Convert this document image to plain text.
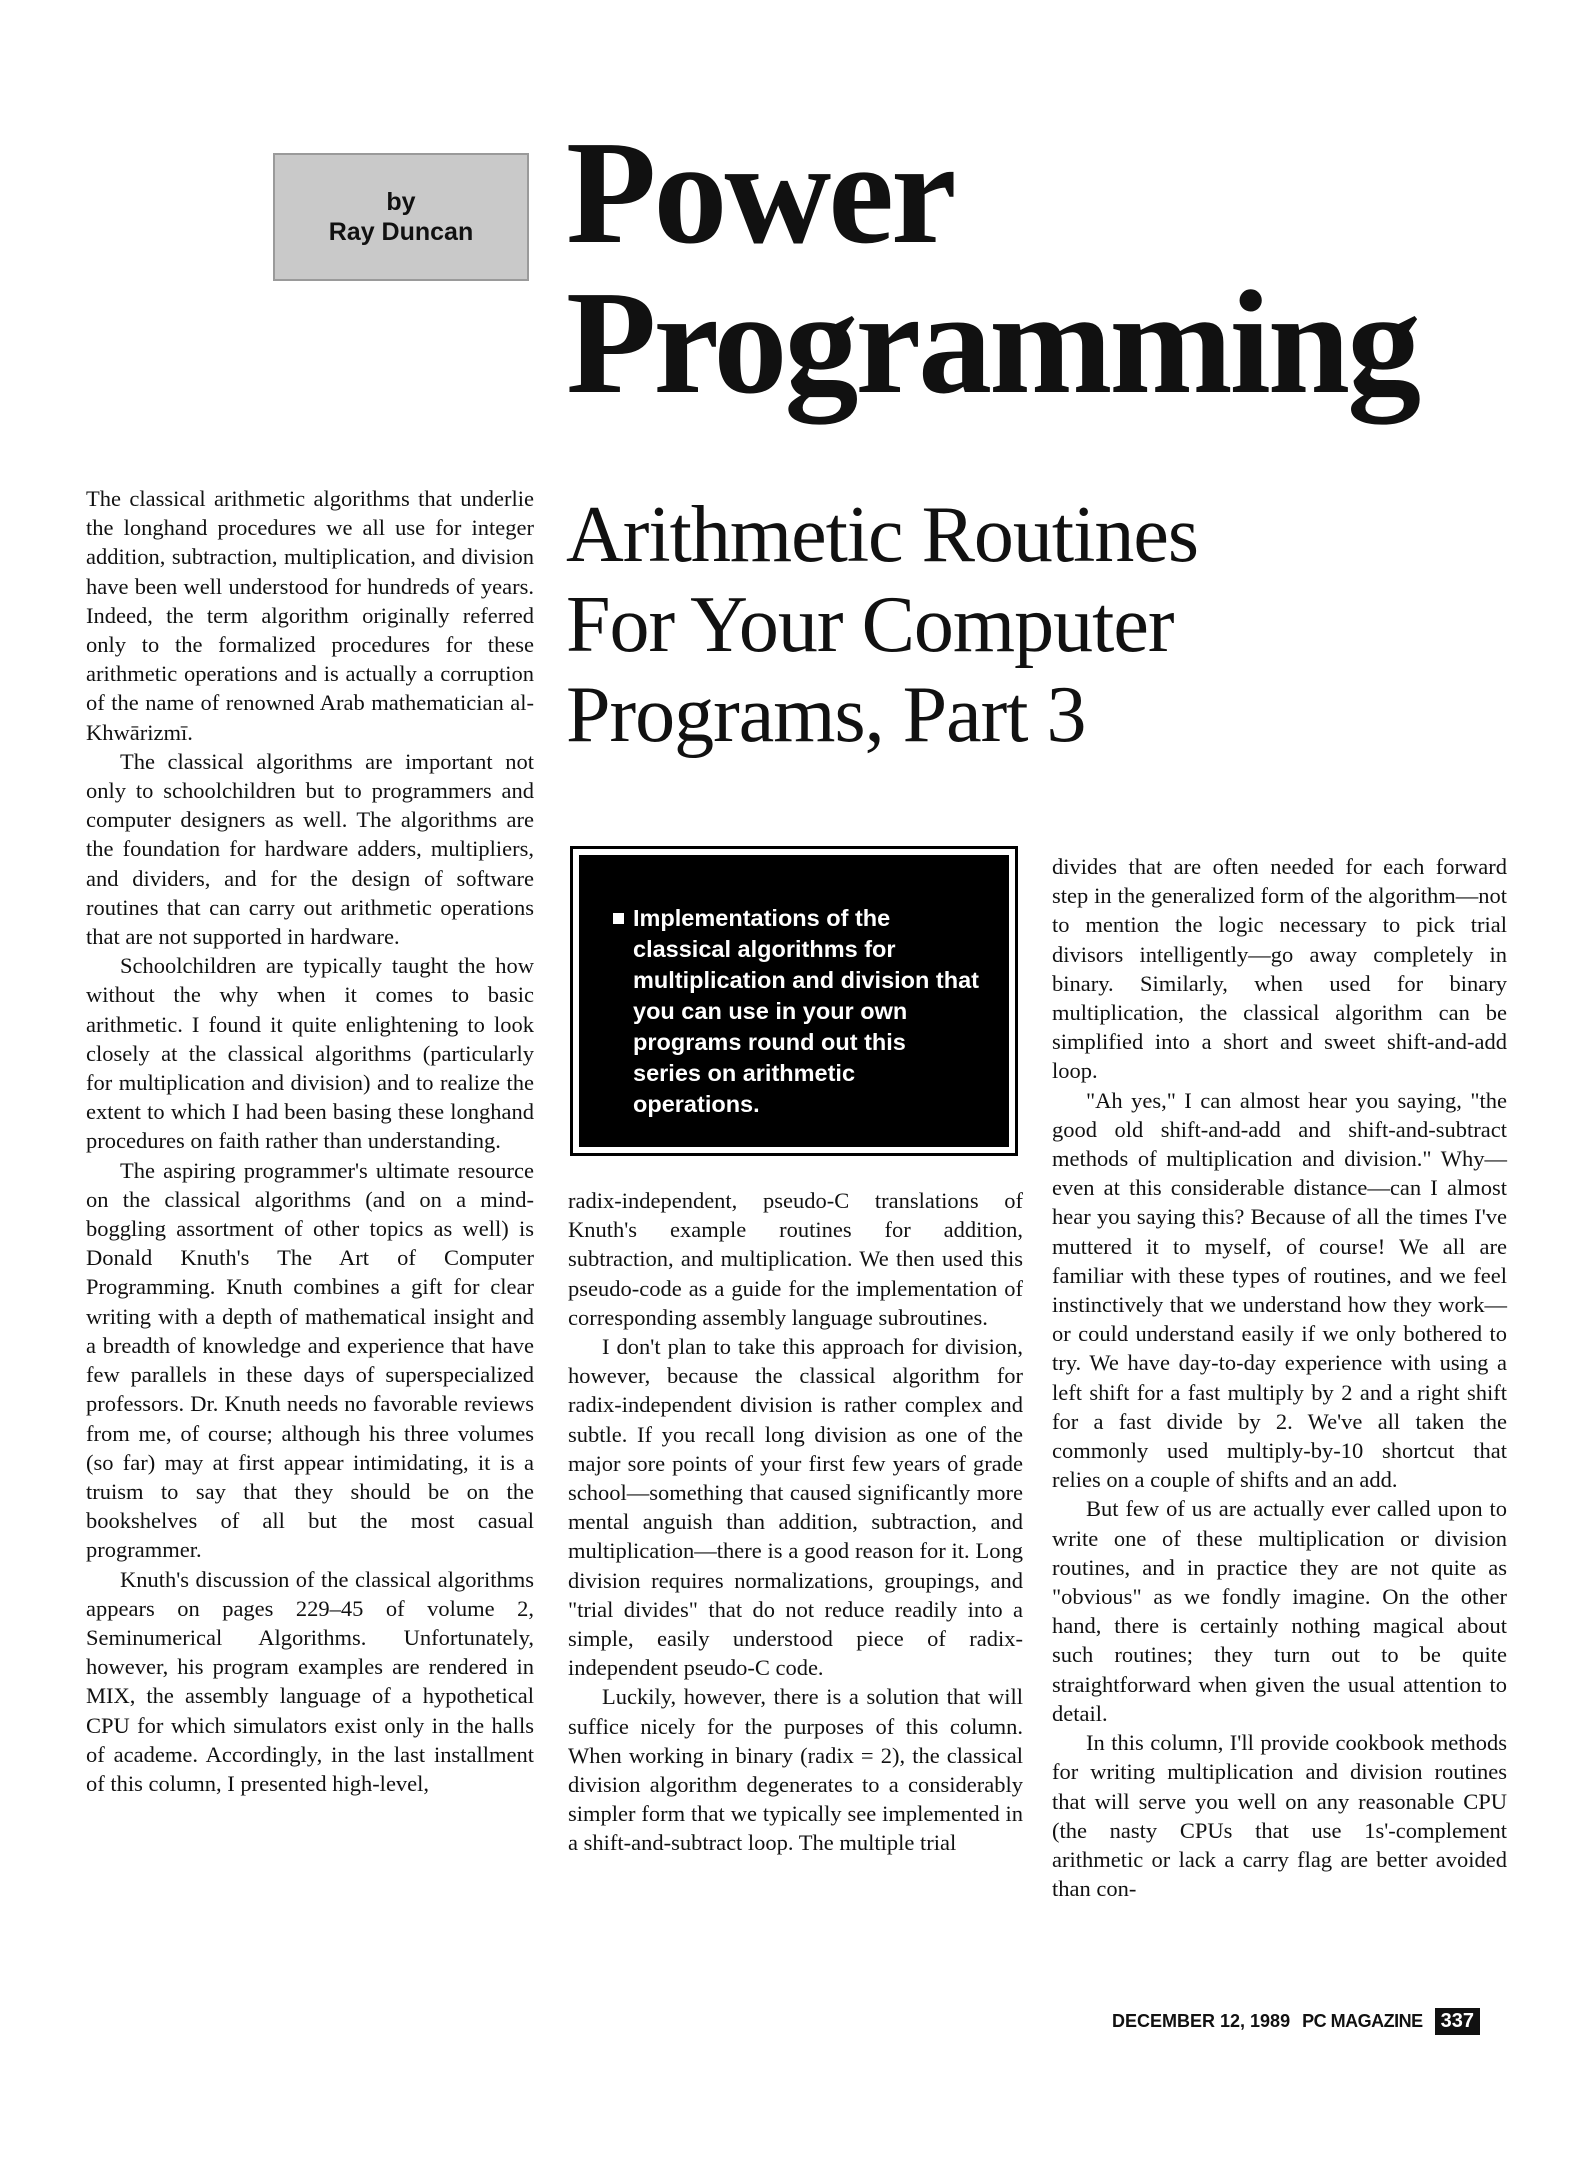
by
Ray Duncan Power
Programming
Arithmetic Routines
For Your Computer
Programs, Part 3

The classical arithmetic algorithms that underlie the longhand procedures we all use for integer addition, subtraction, multiplication, and division have been well understood for hundreds of years. Indeed, the term algorithm originally referred only to the formalized procedures for these arithmetic operations and is actually a corruption of the name of renowned Arab mathematician al-Khwārizmī.

The classical algorithms are important not only to schoolchildren but to programmers and computer designers as well. The algorithms are the foundation for hardware adders, multipliers, and dividers, and for the design of software routines that can carry out arithmetic operations that are not supported in hardware.

Schoolchildren are typically taught the how without the why when it comes to basic arithmetic. I found it quite enlightening to look closely at the classical algorithms (particularly for multiplication and division) and to realize the extent to which I had been basing these longhand procedures on faith rather than understanding.

The aspiring programmer's ultimate resource on the classical algorithms (and on a mind-boggling assortment of other topics as well) is Donald Knuth's The Art of Computer Programming. Knuth combines a gift for clear writing with a depth of mathematical insight and a breadth of knowledge and experience that have few parallels in these days of superspecialized professors. Dr. Knuth needs no favorable reviews from me, of course; although his three volumes (so far) may at first appear intimidating, it is a truism to say that they should be on the bookshelves of all but the most casual programmer.

Knuth's discussion of the classical algorithms appears on pages 229–45 of volume 2, Seminumerical Algorithms. Unfortunately, however, his program examples are rendered in MIX, the assembly language of a hypothetical CPU for which simulators exist only in the halls of academe. Accordingly, in the last installment of this column, I presented high-level,

Implementations of the classical algorithms for multiplication and division that you can use in your own programs round out this series on arithmetic operations.

radix-independent, pseudo-C translations of Knuth's example routines for addition, subtraction, and multiplication. We then used this pseudo-code as a guide for the implementation of corresponding assembly language subroutines.

I don't plan to take this approach for division, however, because the classical algorithm for radix-independent division is rather complex and subtle. If you recall long division as one of the major sore points of your first few years of grade school—something that caused significantly more mental anguish than addition, subtraction, and multiplication—there is a good reason for it. Long division requires normalizations, groupings, and "trial divides" that do not reduce readily into a simple, easily understood piece of radix-independent pseudo-C code.

Luckily, however, there is a solution that will suffice nicely for the purposes of this column. When working in binary (radix = 2), the classical division algorithm degenerates to a considerably simpler form that we typically see implemented in a shift-and-subtract loop. The multiple trial

divides that are often needed for each forward step in the generalized form of the algorithm—not to mention the logic necessary to pick trial divisors intelligently—go away completely in binary. Similarly, when used for binary multiplication, the classical algorithm can be simplified into a short and sweet shift-and-add loop.

"Ah yes," I can almost hear you saying, "the good old shift-and-add and shift-and-subtract methods of multiplication and division." Why—even at this considerable distance—can I almost hear you saying this? Because of all the times I've muttered it to myself, of course! We all are familiar with these types of routines, and we feel instinctively that we understand how they work—or could understand easily if we only bothered to try. We have day-to-day experience with using a left shift for a fast multiply by 2 and a right shift for a fast divide by 2. We've all taken the commonly used multiply-by-10 shortcut that relies on a couple of shifts and an add.

But few of us are actually ever called upon to write one of these multiplication or division routines, and in practice they are not quite as "obvious" as we fondly imagine. On the other hand, there is certainly nothing magical about such routines; they turn out to be quite straightforward when given the usual attention to detail.

In this column, I'll provide cookbook methods for writing multiplication and division routines that will serve you well on any reasonable CPU (the nasty CPUs that use 1s'-complement arithmetic or lack a carry flag are better avoided than con-

DECEMBER 12, 1989 PC MAGAZINE 337
